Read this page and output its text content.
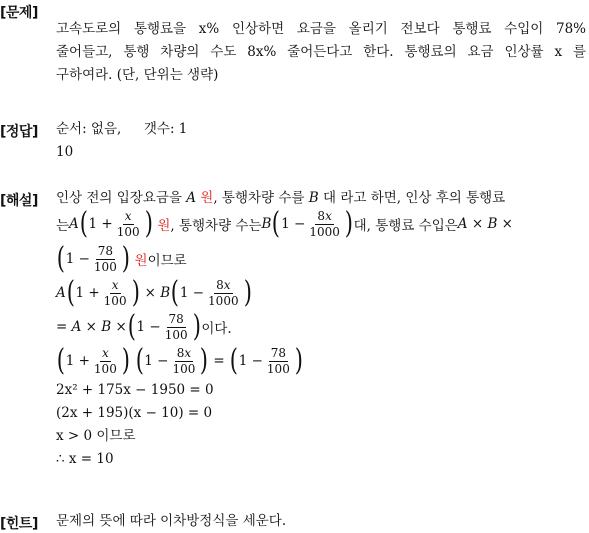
[문제]
고속도로의 통행료을 x% 인상하면 요금을 올리기 전보다 통행료 수입이 78%
줄어들고, 통행 차량의 수도 8x% 줄어든다고 한다. 통행료의 요금 인상률 x 를
구하여라. (단, 단위는 생략)
[정답] 순서: 없음, 갯수: 1
10
[해설] 인상 전의 입장요금을 A 원, 통행차량 수를 B 대 라고 하면, 인상 후의 통행료
는 A ( $1 + \frac{x}{100}$ ) 원 , 통행차량 수는 B ( $1 - \frac{8x}{1000}$ ) 대, 통행료 수입은 A × B ×
( $1 - \frac{78}{100}$ ) 원 이므로
A ( $1 + \frac{x}{100}$ ) × B ( $1 - \frac{8x}{1000}$ )
= A × B × ( $1 - \frac{78}{100}$ ) 이다.
( $1 + \frac{x}{100}$ ) ( $1 - \frac{8x}{100}$ ) = ( $1 - \frac{78}{100}$ )
2x² + 175x − 1950 = 0
(2x + 195)(x − 10) = 0
x > 0 이므로
∴ x = 10
[힌트] 문제의 뜻에 따라 이차방정식을 세운다.
